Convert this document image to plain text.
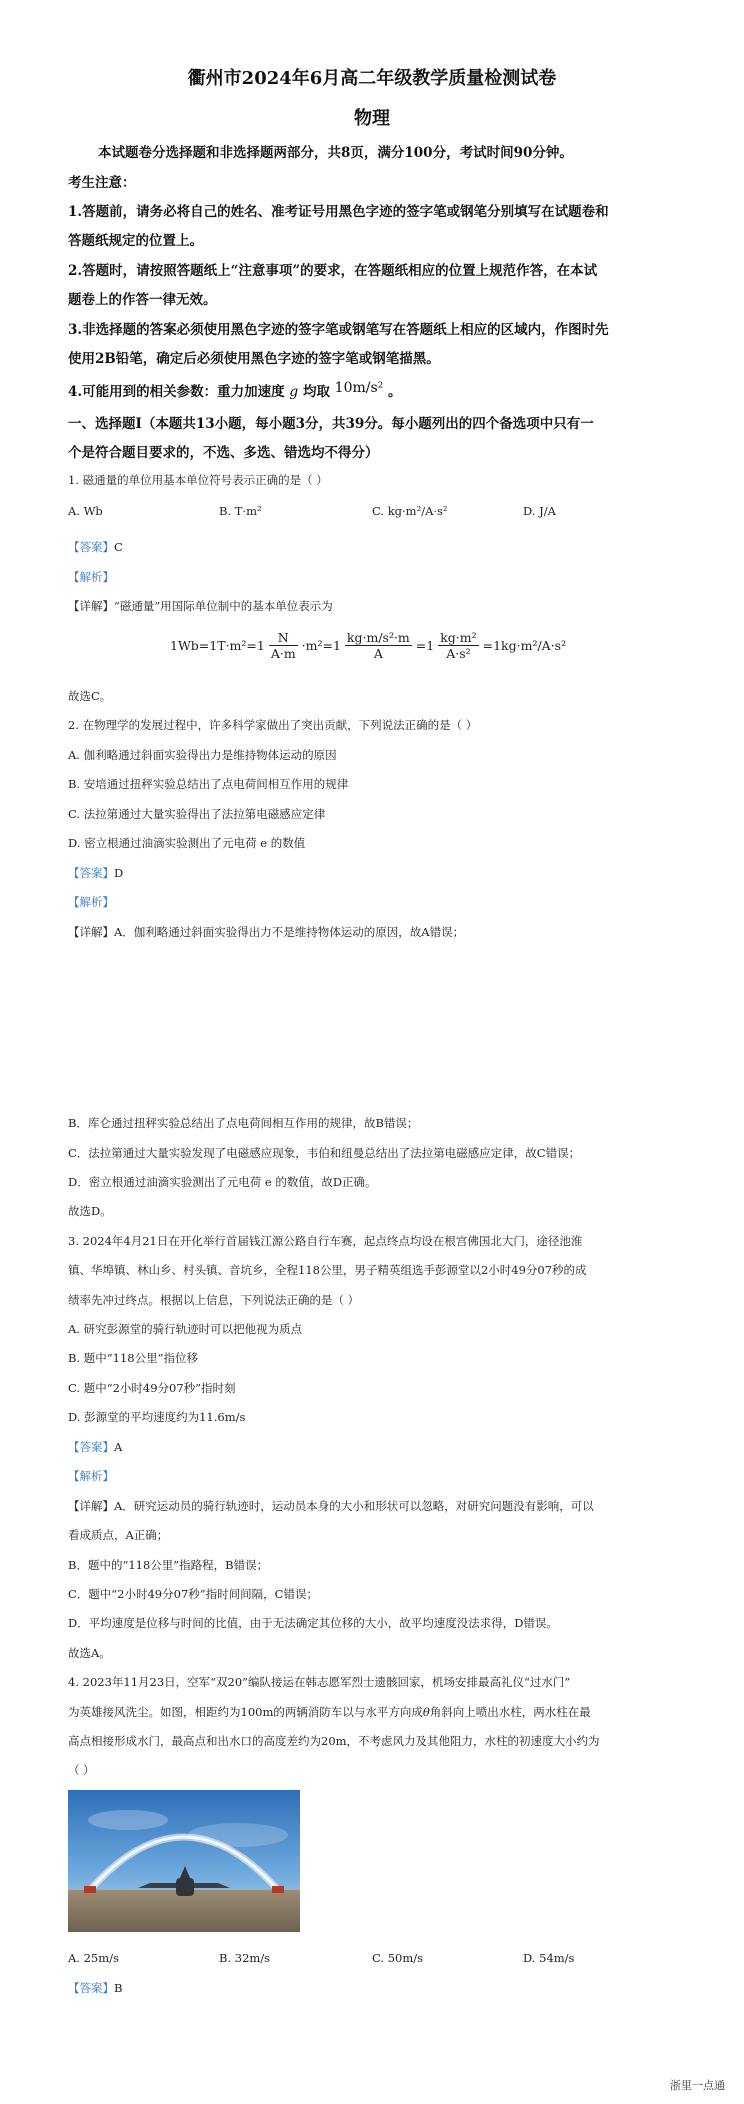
衢州市2024年6月高二年级教学质量检测试卷
物理
本试题卷分选择题和非选择题两部分，共8页，满分100分，考试时间90分钟。
考生注意：
1.答题前，请务必将自己的姓名、准考证号用黑色字迹的签字笔或钢笔分别填写在试题卷和
答题纸规定的位置上。
2.答题时，请按照答题纸上“注意事项”的要求，在答题纸相应的位置上规范作答，在本试
题卷上的作答一律无效。
3.非选择题的答案必须使用黑色字迹的签字笔或钢笔写在答题纸上相应的区域内，作图时先
使用2B铅笔，确定后必须使用黑色字迹的签字笔或钢笔描黑。
4.可能用到的相关参数：重力加速度 g 均取 10m/s² 。
一、选择题Ⅰ（本题共13小题，每小题3分，共39分。每小题列出的四个备选项中只有一
个是符合题目要求的，不选、多选、错选均不得分）
1. 磁通量的单位用基本单位符号表示正确的是（ ）
A. Wb	B. T·m²	C. kg·m²/A·s²	D. J/A
【答案】C
【解析】
【详解】“磁通量”用国际单位制中的基本单位表示为
$1Wb=1T\cdot m^2=1 \frac{N}{A\cdot m} \cdot m^2=1 \frac{\text{kg·m/s²·m}}{A} =1 \frac{\text{kg·m²}}{\text{A·s²}} =1kg\cdot m^2/A\cdot s^2$
故选C。
2. 在物理学的发展过程中，许多科学家做出了突出贡献，下列说法正确的是（ ）
A. 伽利略通过斜面实验得出力是维持物体运动的原因
B. 安培通过扭秤实验总结出了点电荷间相互作用的规律
C. 法拉第通过大量实验得出了法拉第电磁感应定律
D. 密立根通过油滴实验测出了元电荷 e 的数值
【答案】D
【解析】
【详解】A．伽利略通过斜面实验得出力不是维持物体运动的原因，故A错误；
B．库仑通过扭秤实验总结出了点电荷间相互作用的规律，故B错误；
C．法拉第通过大量实验发现了电磁感应现象，韦伯和纽曼总结出了法拉第电磁感应定律，故C错误；
D．密立根通过油滴实验测出了元电荷 e 的数值，故D正确。
故选D。
3. 2024年4月21日在开化举行首届钱江源公路自行车赛，起点终点均设在根宫佛国北大门，途径池淮
镇、华埠镇、林山乡、村头镇、音坑乡，全程118公里，男子精英组选手彭源堂以2小时49分07秒的成
绩率先冲过终点。根据以上信息，下列说法正确的是（ ）
A. 研究彭源堂的骑行轨迹时可以把他视为质点
B. 题中“118公里”指位移
C. 题中“2小时49分07秒”指时刻
D. 彭源堂的平均速度约为11.6m/s
【答案】A
【解析】
【详解】A．研究运动员的骑行轨迹时，运动员本身的大小和形状可以忽略，对研究问题没有影响，可以
看成质点，A正确；
B．题中的“118公里”指路程，B错误；
C．题中“2小时49分07秒”指时间间隔，C错误；
D．平均速度是位移与时间的比值，由于无法确定其位移的大小，故平均速度没法求得，D错误。
故选A。
4. 2023年11月23日，空军“双20”编队接运在韩志愿军烈士遗骸回家，机场安排最高礼仪“过水门”
为英雄接风洗尘。如图，相距约为100m的两辆消防车以与水平方向成θ角斜向上喷出水柱，两水柱在最
高点相接形成水门，最高点和出水口的高度差约为20m，不考虑风力及其他阻力，水柱的初速度大小约为
（ ）
A. 25m/s	B. 32m/s	C. 50m/s	D. 54m/s
【答案】B
浙里一点通
